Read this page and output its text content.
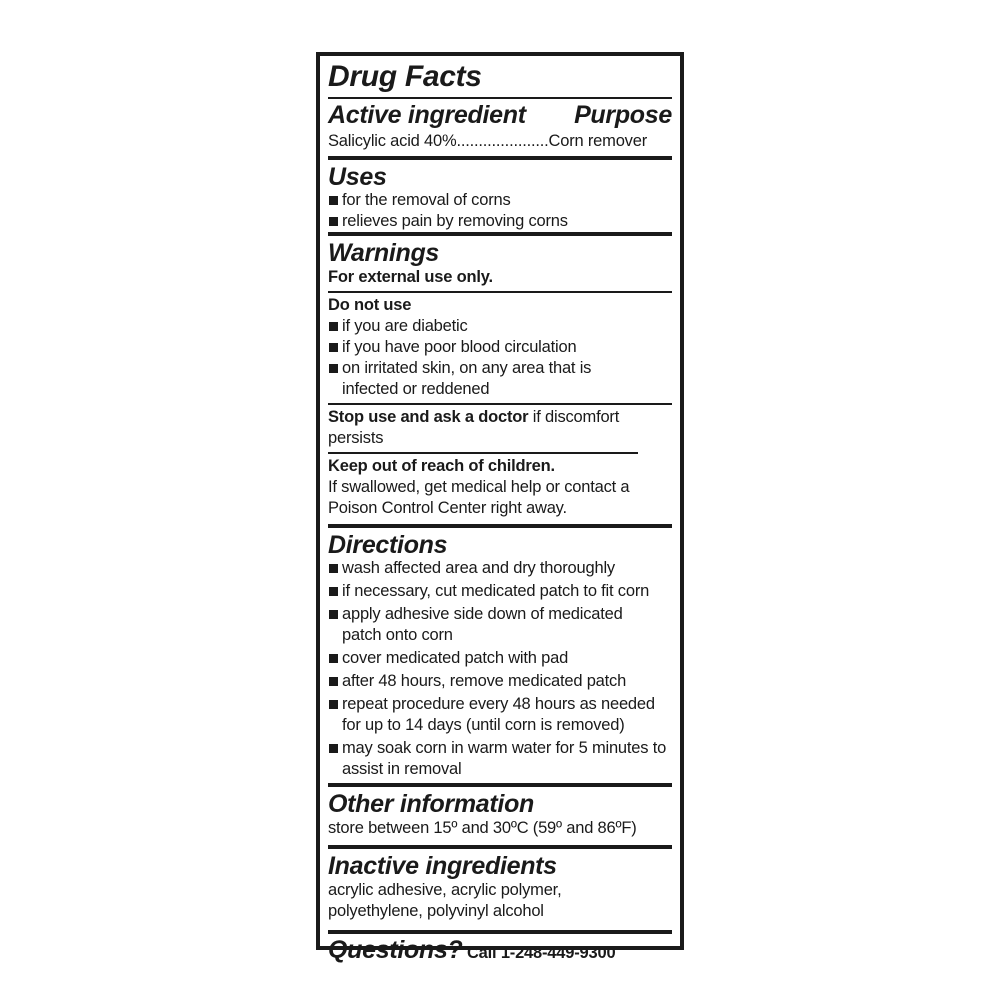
Drug Facts
Active ingredient Purpose
Salicylic acid 40%.....................Corn remover
Uses
for the removal of corns
relieves pain by removing corns
Warnings
For external use only.
Do not use
if you are diabetic
if you have poor blood circulation
on irritated skin, on any area that is infected or reddened
Stop use and ask a doctor if discomfort persists
Keep out of reach of children.
If swallowed, get medical help or contact a Poison Control Center right away.
Directions
wash affected area and dry thoroughly
if necessary, cut medicated patch to fit corn
apply adhesive side down of medicated patch onto corn
cover medicated patch with pad
after 48 hours, remove medicated patch
repeat procedure every 48 hours as needed for up to 14 days (until corn is removed)
may soak corn in warm water for 5 minutes to assist in removal
Other information
store between 15º and 30ºC (59º and 86ºF)
Inactive ingredients
acrylic adhesive, acrylic polymer, polyethylene, polyvinyl alcohol
Questions? Call 1-248-449-9300
